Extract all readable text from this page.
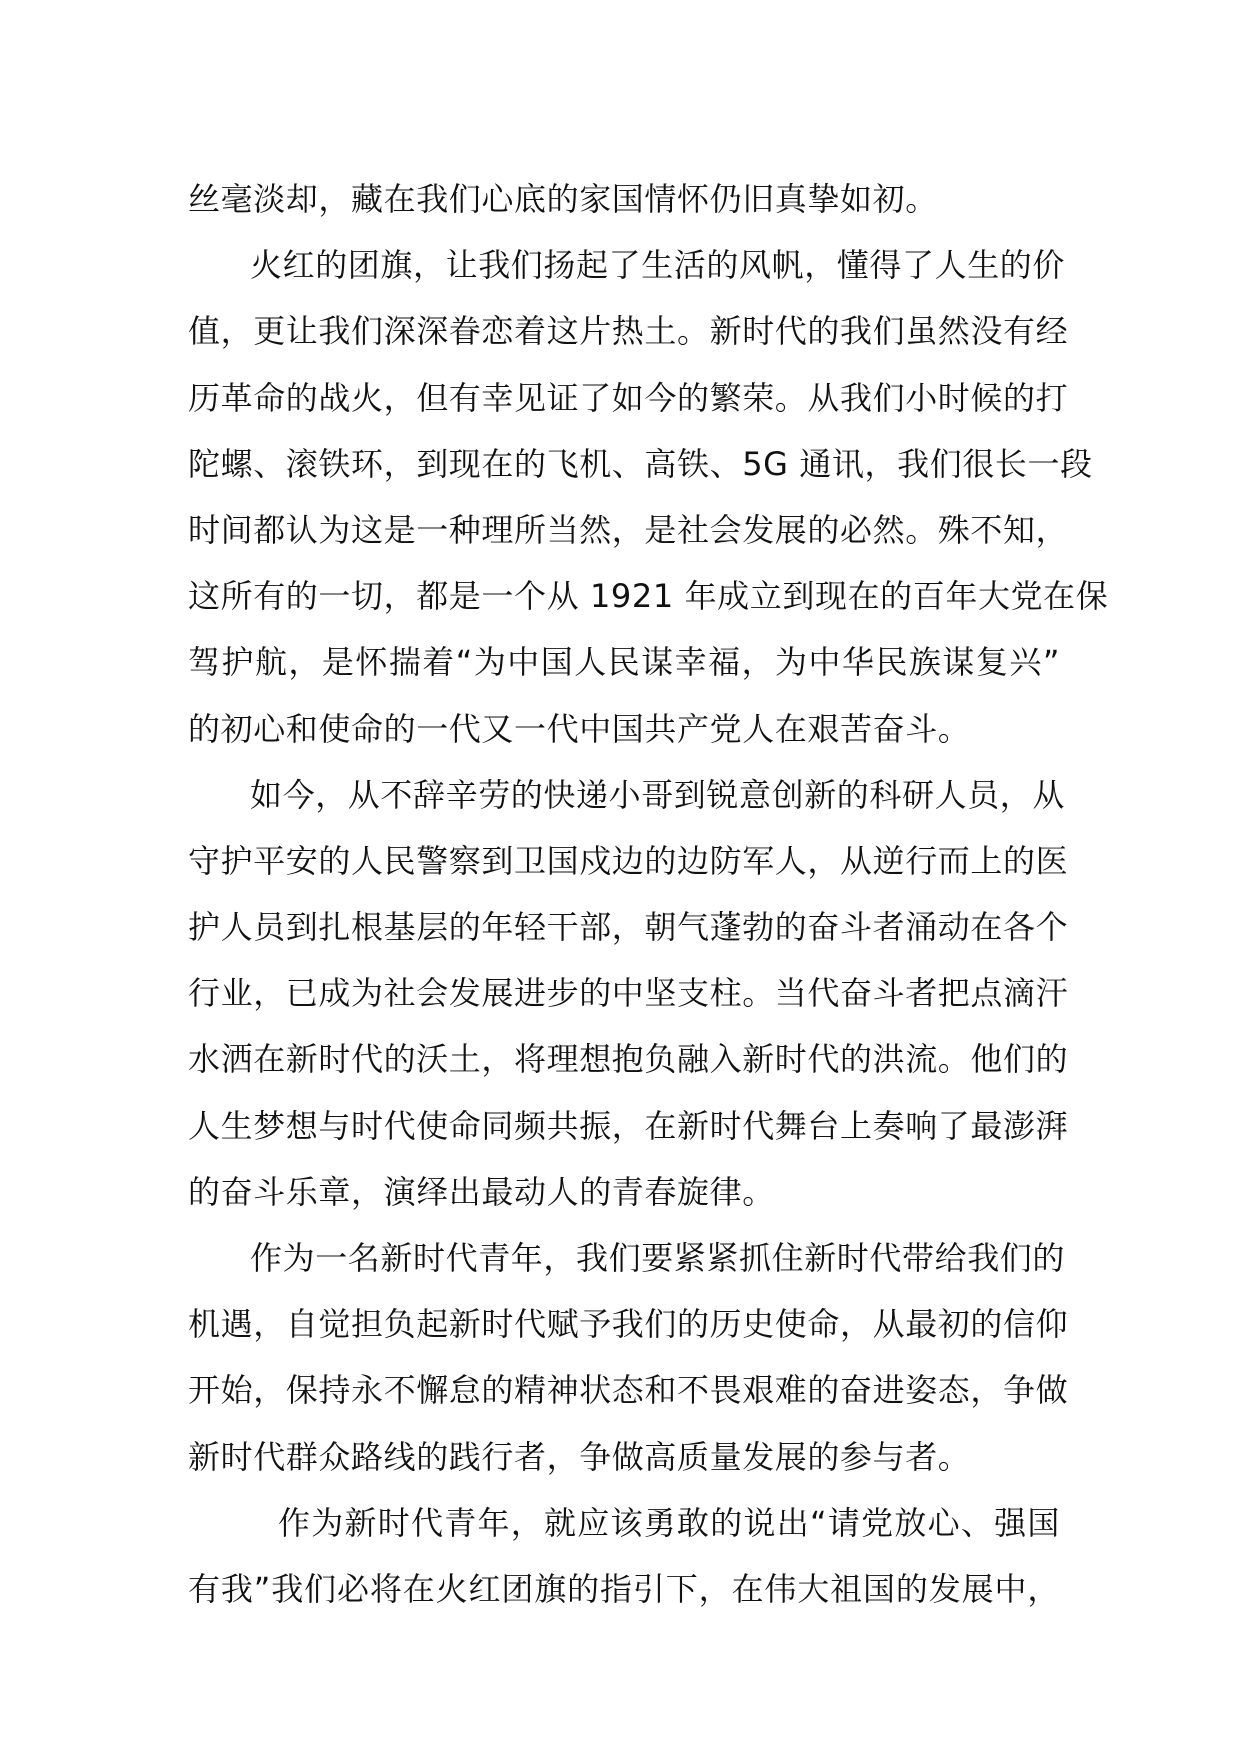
丝毫淡却，藏在我们心底的家国情怀仍旧真挚如初。
火红的团旗，让我们扬起了生活的风帆，懂得了人生的价
值，更让我们深深眷恋着这片热土。新时代的我们虽然没有经
历革命的战火，但有幸见证了如今的繁荣。从我们小时候的打
陀螺、滚铁环，到现在的飞机、高铁、5G 通讯，我们很长一段
时间都认为这是一种理所当然，是社会发展的必然。殊不知，
这所有的一切，都是一个从 1921 年成立到现在的百年大党在保
驾护航，是怀揣着“为中国人民谋幸福，为中华民族谋复兴”
的初心和使命的一代又一代中国共产党人在艰苦奋斗。
如今，从不辞辛劳的快递小哥到锐意创新的科研人员，从
守护平安的人民警察到卫国戍边的边防军人，从逆行而上的医
护人员到扎根基层的年轻干部，朝气蓬勃的奋斗者涌动在各个
行业，已成为社会发展进步的中坚支柱。当代奋斗者把点滴汗
水洒在新时代的沃土，将理想抱负融入新时代的洪流。他们的
人生梦想与时代使命同频共振，在新时代舞台上奏响了最澎湃
的奋斗乐章，演绎出最动人的青春旋律。
作为一名新时代青年，我们要紧紧抓住新时代带给我们的
机遇，自觉担负起新时代赋予我们的历史使命，从最初的信仰
开始，保持永不懈怠的精神状态和不畏艰难的奋进姿态，争做
新时代群众路线的践行者，争做高质量发展的参与者。
作为新时代青年，就应该勇敢的说出“请党放心、强国
有我”我们必将在火红团旗的指引下，在伟大祖国的发展中，
